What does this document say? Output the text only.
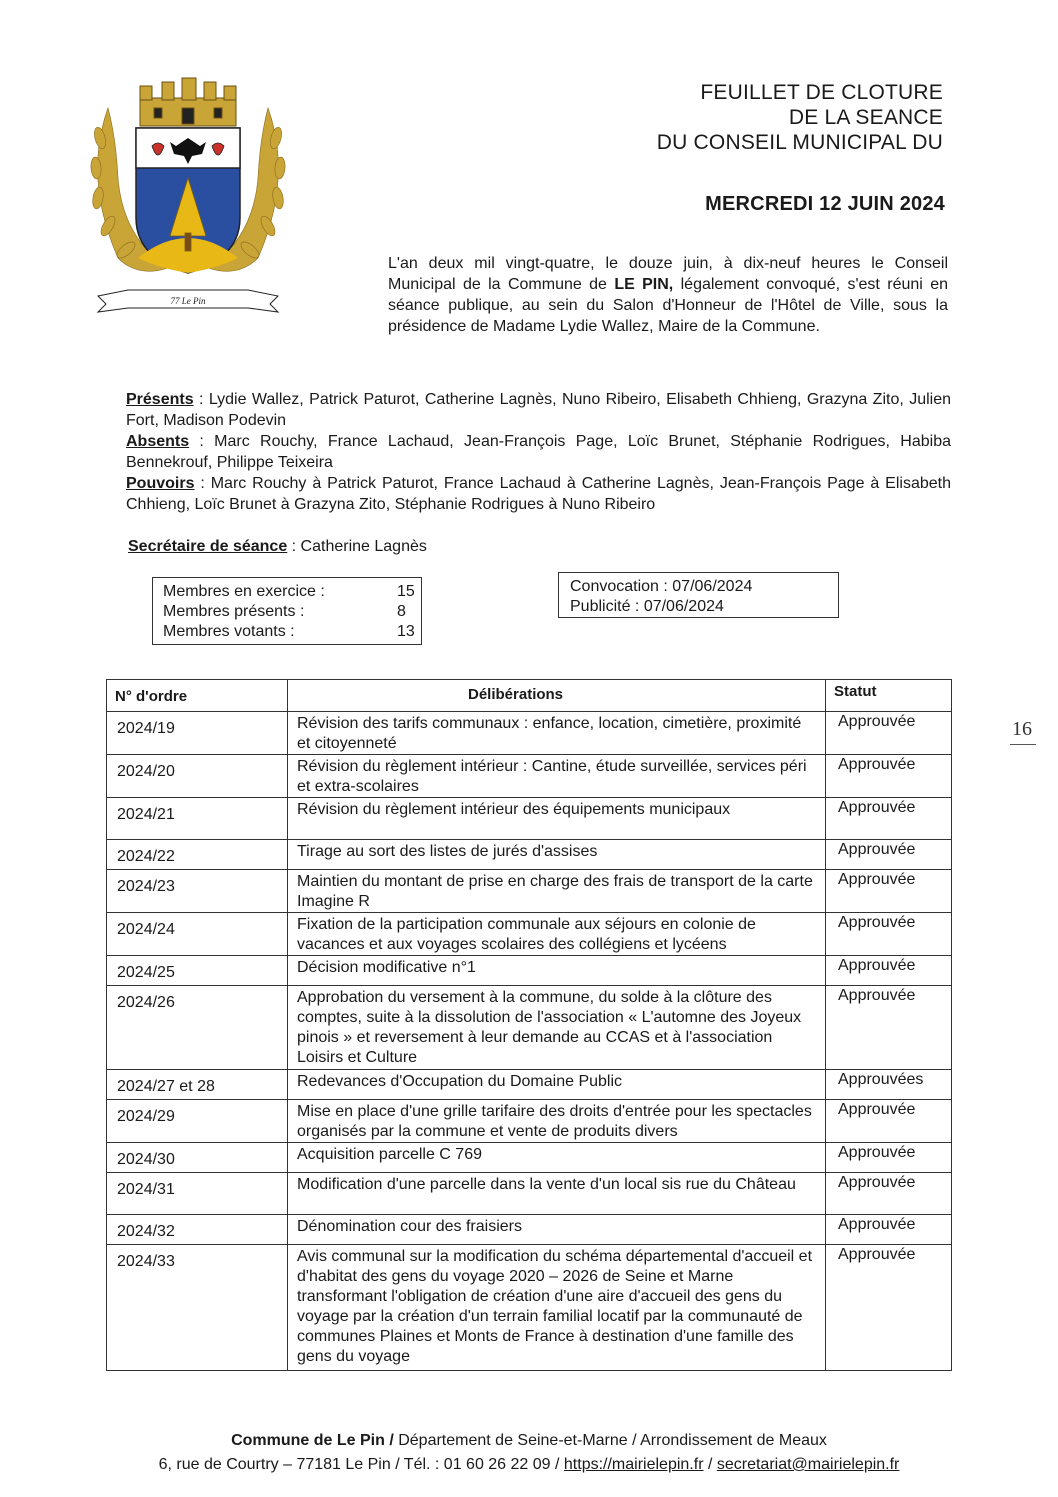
77 Le Pin
FEUILLET DE CLOTURE
DE LA SEANCE
DU CONSEIL MUNICIPAL DU
MERCREDI 12 JUIN 2024
L'an deux mil vingt-quatre, le douze juin, à dix-neuf heures le Conseil Municipal de la Commune de LE PIN, légalement convoqué, s'est réuni en séance publique, au sein du Salon d'Honneur de l'Hôtel de Ville, sous la présidence de Madame Lydie Wallez, Maire de la Commune.
Présents : Lydie Wallez, Patrick Paturot, Catherine Lagnès, Nuno Ribeiro, Elisabeth Chhieng, Grazyna Zito, Julien Fort, Madison Podevin
Absents : Marc Rouchy, France Lachaud, Jean-François Page, Loïc Brunet, Stéphanie Rodrigues, Habiba Bennekrouf, Philippe Teixeira
Pouvoirs : Marc Rouchy à Patrick Paturot, France Lachaud à Catherine Lagnès, Jean-François Page à Elisabeth Chhieng, Loïc Brunet à Grazyna Zito, Stéphanie Rodrigues à Nuno Ribeiro
Secrétaire de séance : Catherine Lagnès
Membres en exercice :	15
Membres présents :	8
Membres votants :	13
Convocation : 07/06/2024
Publicité : 07/06/2024
16
N° d'ordre	Délibérations	Statut

2024/19	Révision des tarifs communaux : enfance, location, cimetière, proximité et citoyenneté	Approuvée

2024/20	Révision du règlement intérieur : Cantine, étude surveillée, services péri et extra-scolaires	Approuvée

2024/21	Révision du règlement intérieur des équipements municipaux	Approuvée

2024/22	Tirage au sort des listes de jurés d'assises	Approuvée

2024/23	Maintien du montant de prise en charge des frais de transport de la carte Imagine R	Approuvée

2024/24	Fixation de la participation communale aux séjours en colonie de vacances et aux voyages scolaires des collégiens et lycéens	Approuvée

2024/25	Décision modificative n°1	Approuvée

2024/26	Approbation du versement à la commune, du solde à la clôture des comptes, suite à la dissolution de l'association « L'automne des Joyeux pinois » et reversement à leur demande au CCAS et à l'association Loisirs et Culture	Approuvée

2024/27 et 28	Redevances d'Occupation du Domaine Public	Approuvées

2024/29	Mise en place d'une grille tarifaire des droits d'entrée pour les spectacles organisés par la commune et vente de produits divers	Approuvée

2024/30	Acquisition parcelle C 769	Approuvée

2024/31	Modification d'une parcelle dans la vente d'un local sis rue du Château	Approuvée

2024/32	Dénomination cour des fraisiers	Approuvée

2024/33	Avis communal sur la modification du schéma départemental d'accueil et d'habitat des gens du voyage 2020 – 2026 de Seine et Marne transformant l'obligation de création d'une aire d'accueil des gens du voyage par la création d'un terrain familial locatif par la communauté de communes Plaines et Monts de France à destination d'une famille des gens du voyage	Approuvée
Commune de Le Pin / Département de Seine-et-Marne / Arrondissement de Meaux
6, rue de Courtry – 77181 Le Pin / Tél. : 01 60 26 22 09 / https://mairielepin.fr / secretariat@mairielepin.fr
